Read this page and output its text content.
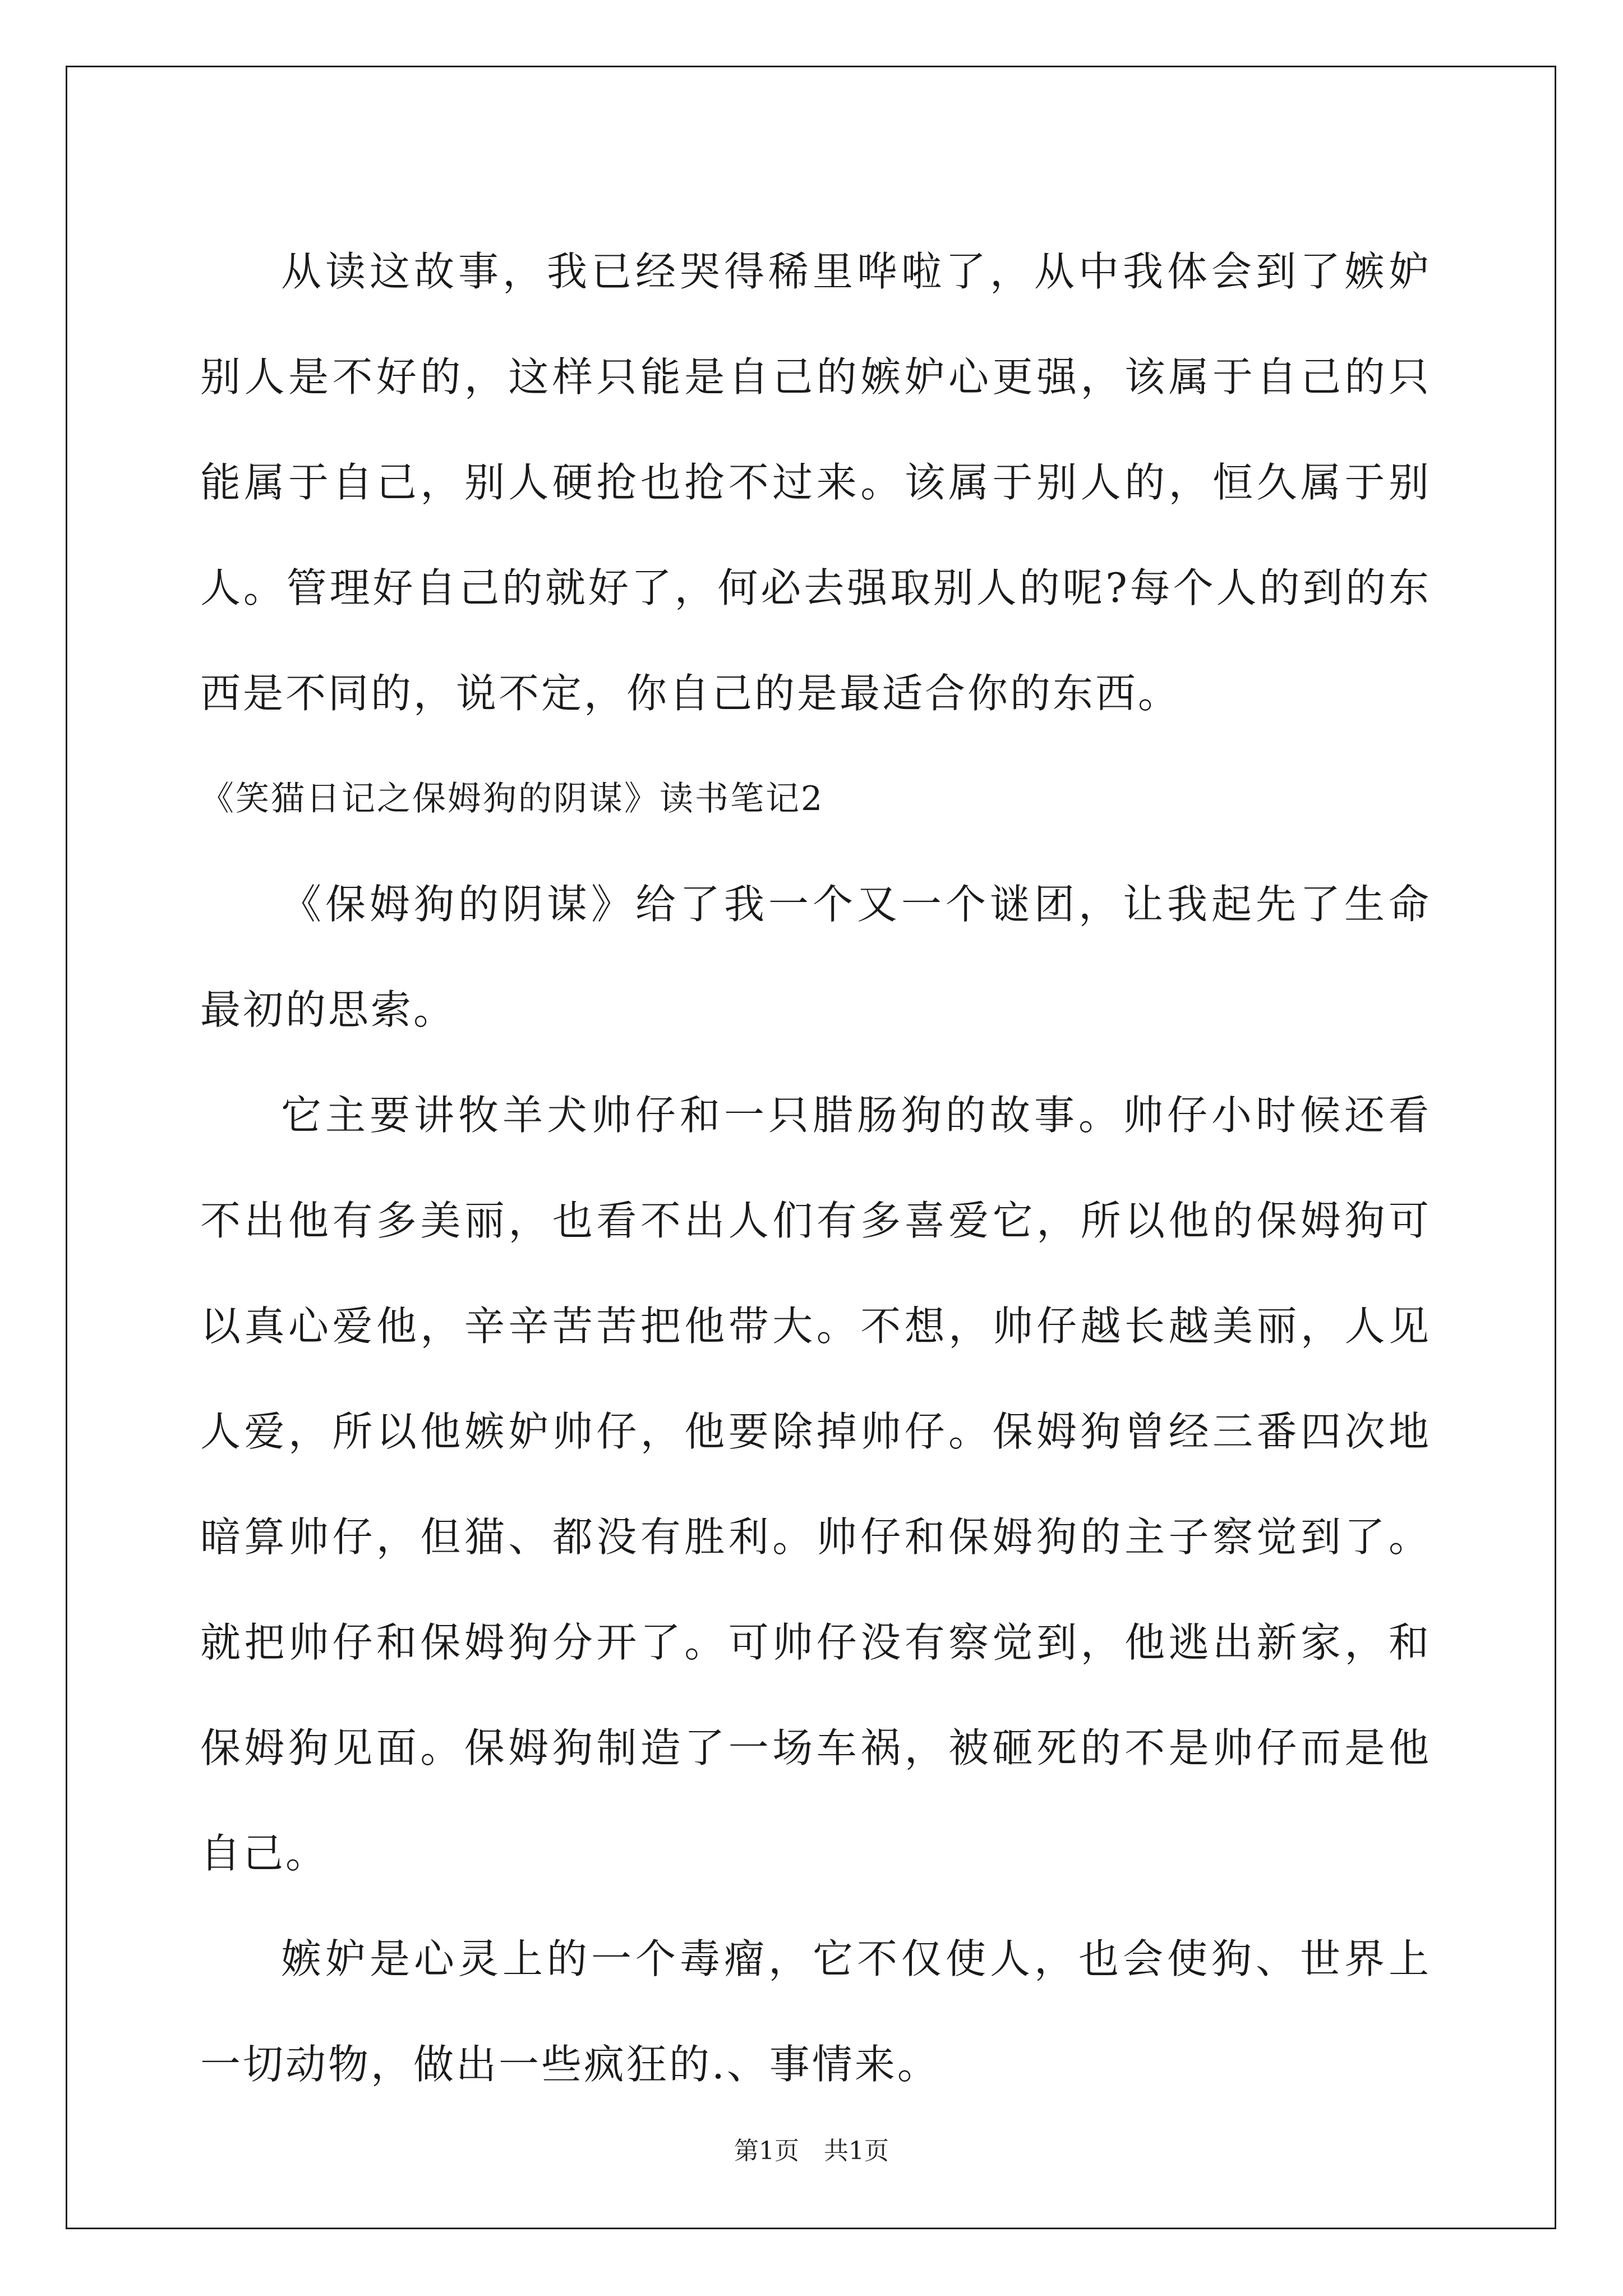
从读这故事，我已经哭得稀里哗啦了，从中我体会到了嫉妒别人是不好的，这样只能是自己的嫉妒心更强，该属于自己的只能属于自己，别人硬抢也抢不过来。该属于别人的，恒久属于别人。管理好自己的就好了，何必去强取别人的呢?每个人的到的东西是不同的，说不定，你自己的是最适合你的东西。

《笑猫日记之保姆狗的阴谋》读书笔记2

《保姆狗的阴谋》给了我一个又一个谜团，让我起先了生命最初的思索。

它主要讲牧羊犬帅仔和一只腊肠狗的故事。帅仔小时候还看不出他有多美丽，也看不出人们有多喜爱它，所以他的保姆狗可以真心爱他，辛辛苦苦把他带大。不想，帅仔越长越美丽，人见人爱，所以他嫉妒帅仔，他要除掉帅仔。保姆狗曾经三番四次地暗算帅仔，但猫、都没有胜利。帅仔和保姆狗的主子察觉到了。就把帅仔和保姆狗分开了。可帅仔没有察觉到，他逃出新家，和保姆狗见面。保姆狗制造了一场车祸，被砸死的不是帅仔而是他自己。

嫉妒是心灵上的一个毒瘤，它不仅使人，也会使狗、世界上一切动物，做出一些疯狂的.、事情来。

第1页　共1页
